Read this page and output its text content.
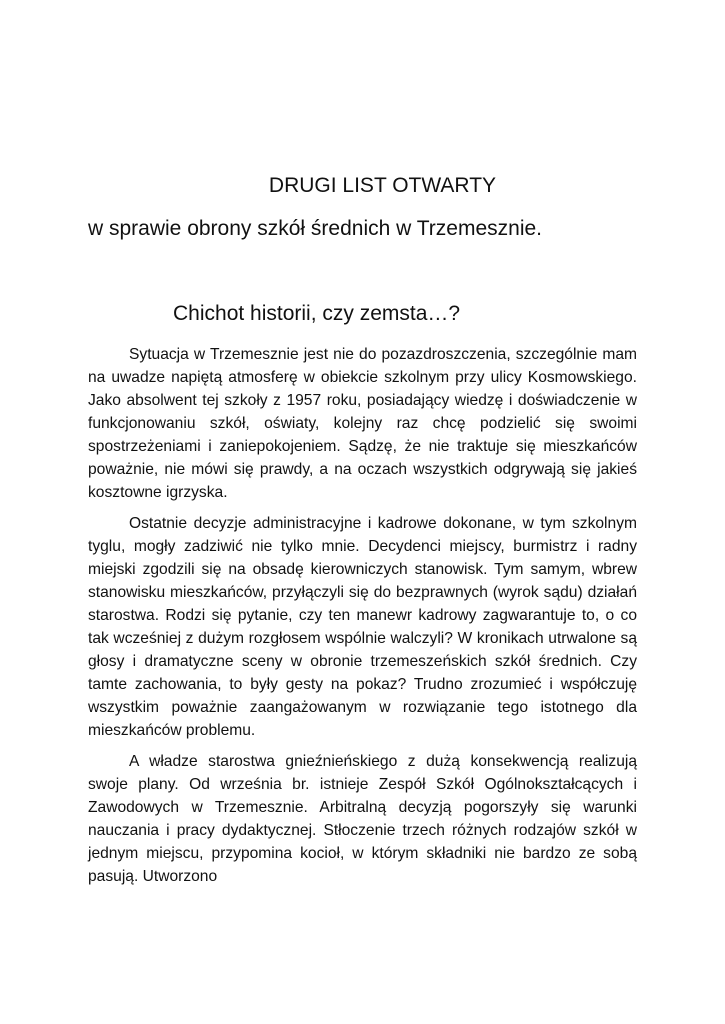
DRUGI LIST OTWARTY
w sprawie obrony szkół średnich w Trzemesznie.
Chichot historii, czy zemsta…?

Sytuacja w Trzemesznie jest nie do pozazdroszczenia, szczególnie mam na uwadze napiętą atmosferę w obiekcie szkolnym przy ulicy Kosmowskiego. Jako absolwent tej szkoły z 1957 roku, posiadający wiedzę i doświadczenie w funkcjonowaniu szkół, oświaty, kolejny raz chcę podzielić się swoimi spostrzeżeniami i zaniepokojeniem. Sądzę, że nie traktuje się mieszkańców poważnie, nie mówi się prawdy, a na oczach wszystkich odgrywają się jakieś kosztowne igrzyska.

Ostatnie decyzje administracyjne i kadrowe dokonane, w tym szkolnym tyglu, mogły zadziwić nie tylko mnie. Decydenci miejscy, burmistrz i radny miejski zgodzili się na obsadę kierowniczych stanowisk. Tym samym, wbrew stanowisku mieszkańców, przyłączyli się do bezprawnych (wyrok sądu) działań starostwa. Rodzi się pytanie, czy ten manewr kadrowy zagwarantuje to, o co tak wcześniej z dużym rozgłosem wspólnie walczyli? W kronikach utrwalone są głosy i dramatyczne sceny w obronie trzemeszeńskich szkół średnich. Czy tamte zachowania, to były gesty na pokaz? Trudno zrozumieć i współczuję wszystkim poważnie zaangażowanym w rozwiązanie tego istotnego dla mieszkańców problemu.

A władze starostwa gnieźnieńskiego z dużą konsekwencją realizują swoje plany. Od września br. istnieje Zespół Szkół Ogólnokształcących i Zawodowych w Trzemesznie. Arbitralną decyzją pogorszyły się warunki nauczania i pracy dydaktycznej. Stłoczenie trzech różnych rodzajów szkół w jednym miejscu, przypomina kocioł, w którym składniki nie bardzo ze sobą pasują. Utworzono
